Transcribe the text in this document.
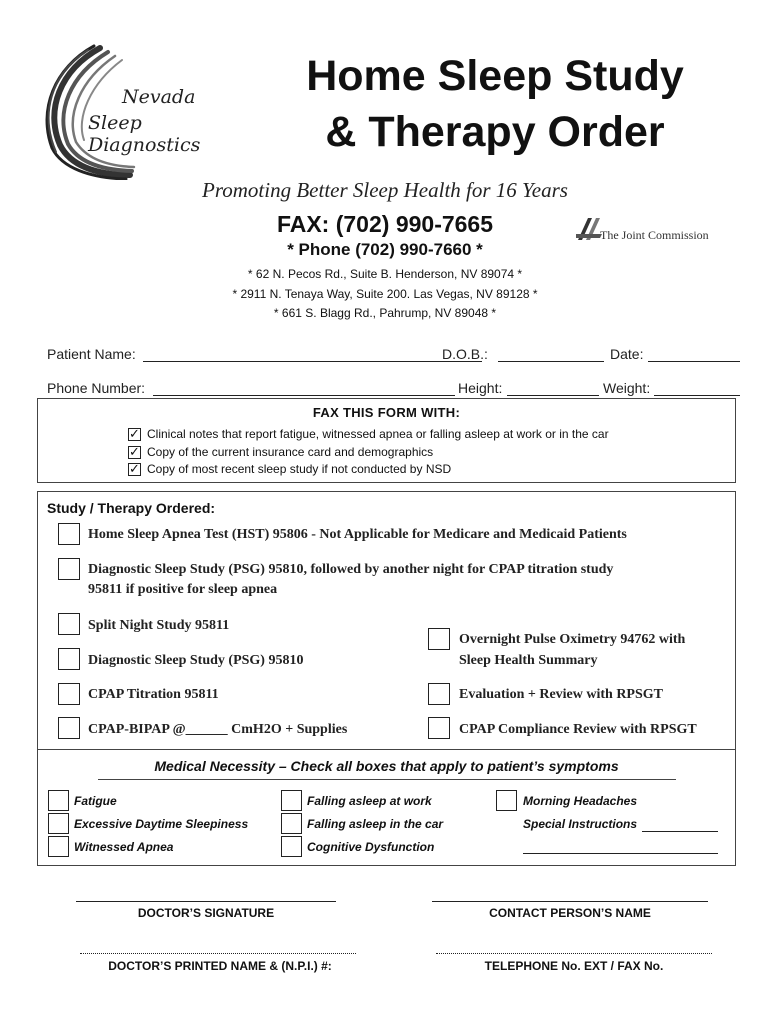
Nevada
Sleep Diagnostics
Home Sleep Study
& Therapy Order
Promoting Better Sleep Health for 16 Years
FAX: (702) 990-7665
* Phone (702) 990-7660 *
* 62 N. Pecos Rd., Suite B. Henderson, NV 89074 *
* 2911 N. Tenaya Way, Suite 200. Las Vegas, NV 89128 *
* 661 S. Blagg Rd., Pahrump, NV 89048 *
The Joint Commission
Patient Name:	D.O.B.:	Date:
Phone Number:	Height:	Weight:
FAX THIS FORM WITH:
✓ Clinical notes that report fatigue, witnessed apnea or falling asleep at work or in the car
✓ Copy of the current insurance card and demographics
✓ Copy of most recent sleep study if not conducted by NSD
Study / Therapy Ordered:
Home Sleep Apnea Test (HST) 95806 - Not Applicable for Medicare and Medicaid Patients
Diagnostic Sleep Study (PSG) 95810, followed by another night for CPAP titration study
95811 if positive for sleep apnea
Split Night Study 95811
Diagnostic Sleep Study (PSG) 95810
CPAP Titration 95811
CPAP-BIPAP @______ CmH2O + Supplies
Overnight Pulse Oximetry 94762 with
Sleep Health Summary
Evaluation + Review with RPSGT
CPAP Compliance Review with RPSGT
Medical Necessity – Check all boxes that apply to patient’s symptoms
Fatigue
Excessive Daytime Sleepiness
Witnessed Apnea
Falling asleep at work
Falling asleep in the car
Cognitive Dysfunction
Morning Headaches
Special Instructions
DOCTOR’S SIGNATURE	CONTACT PERSON’S NAME
DOCTOR’S PRINTED NAME & (N.P.I.) #:	TELEPHONE No. EXT / FAX No.
